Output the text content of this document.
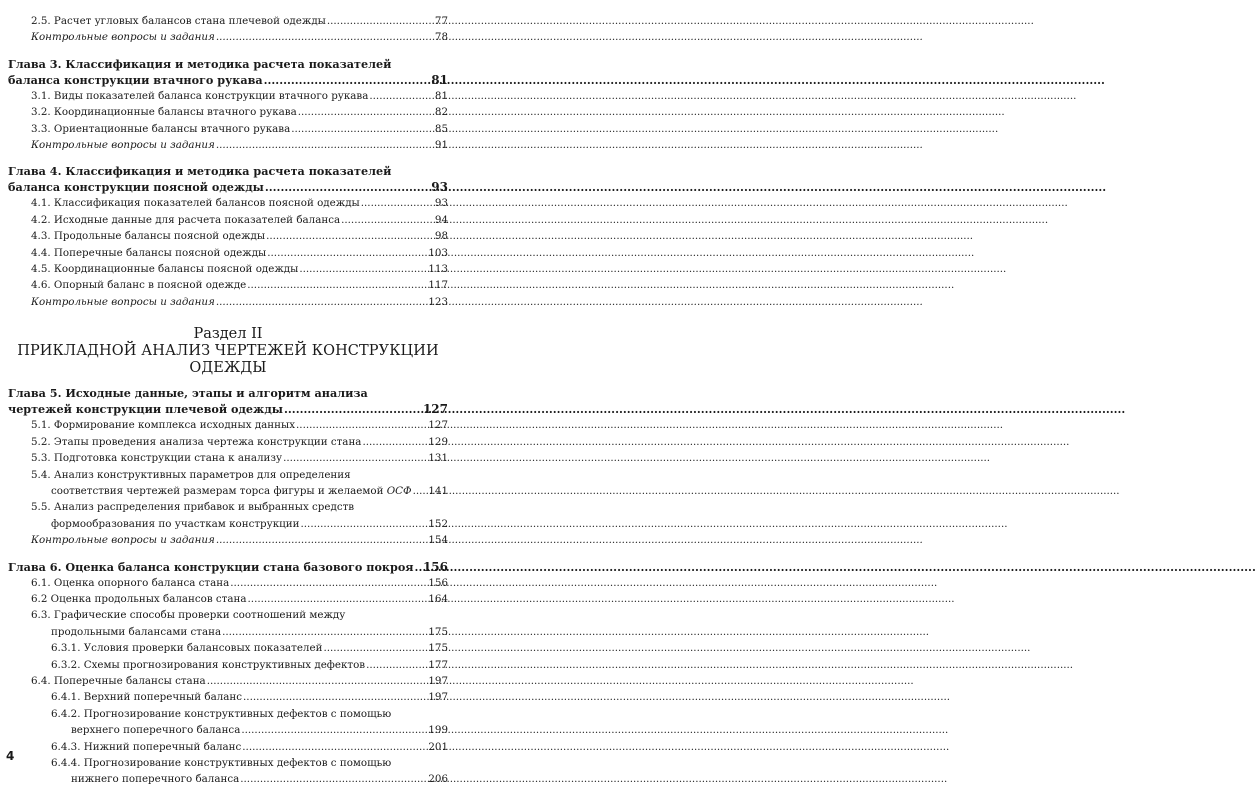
2.5. Расчет угловых балансов стана плечевой одежды .....	77
Контрольные вопросы и задания .....	78
Глава 3. Классификация и методика расчета показателей
баланса конструкции втачного рукава .....	81
3.1. Виды показателей баланса конструкции втачного рукава .....	81
3.2. Координационные балансы втачного рукава .....	82
3.3. Ориентационные балансы втачного рукава .....	85
Контрольные вопросы и задания .....	91
Глава 4. Классификация и методика расчета показателей
баланса конструкции поясной одежды .....	93
4.1. Классификация показателей балансов поясной одежды .....	93
4.2. Исходные данные для расчета показателей баланса .....	94
4.3. Продольные балансы поясной одежды .....	98
4.4. Поперечные балансы поясной одежды .....	103
4.5. Координационные балансы поясной одежды .....	113
4.6. Опорный баланс в поясной одежде .....	117
Контрольные вопросы и задания .....	123
Раздел II
ПРИКЛАДНОЙ АНАЛИЗ ЧЕРТЕЖЕЙ КОНСТРУКЦИИ
ОДЕЖДЫ
Глава 5. Исходные данные, этапы и алгоритм анализа
чертежей конструкции плечевой одежды .....	127
5.1. Формирование комплекса исходных данных .....	127
5.2. Этапы проведения анализа чертежа конструкции стана .....	129
5.3. Подготовка конструкции стана к анализу .....	131
5.4. Анализ конструктивных параметров для определения
соответствия чертежей размерам торса фигуры и желаемой ОСФ ..... 141
5.5. Анализ распределения прибавок и выбранных средств
формообразования по участкам конструкции .....	152
Контрольные вопросы и задания .....	154
Глава 6. Оценка баланса конструкции стана базового покроя ..... 156
6.1. Оценка опорного баланса стана .....	156
6.2 Оценка продольных балансов стана .....	164
6.3. Графические способы проверки соотношений между
продольными балансами стана .....	175
6.3.1. Условия проверки балансовых показателей .....	175
6.3.2. Схемы прогнозирования конструктивных дефектов .....	177
6.4. Поперечные балансы стана .....	197
6.4.1. Верхний поперечный баланс .....	197
6.4.2. Прогнозирование конструктивных дефектов с помощью
верхнего поперечного баланса .....	199
6.4.3. Нижний поперечный баланс .....	201
6.4.4. Прогнозирование конструктивных дефектов с помощью
нижнего поперечного баланса .....	206
4
